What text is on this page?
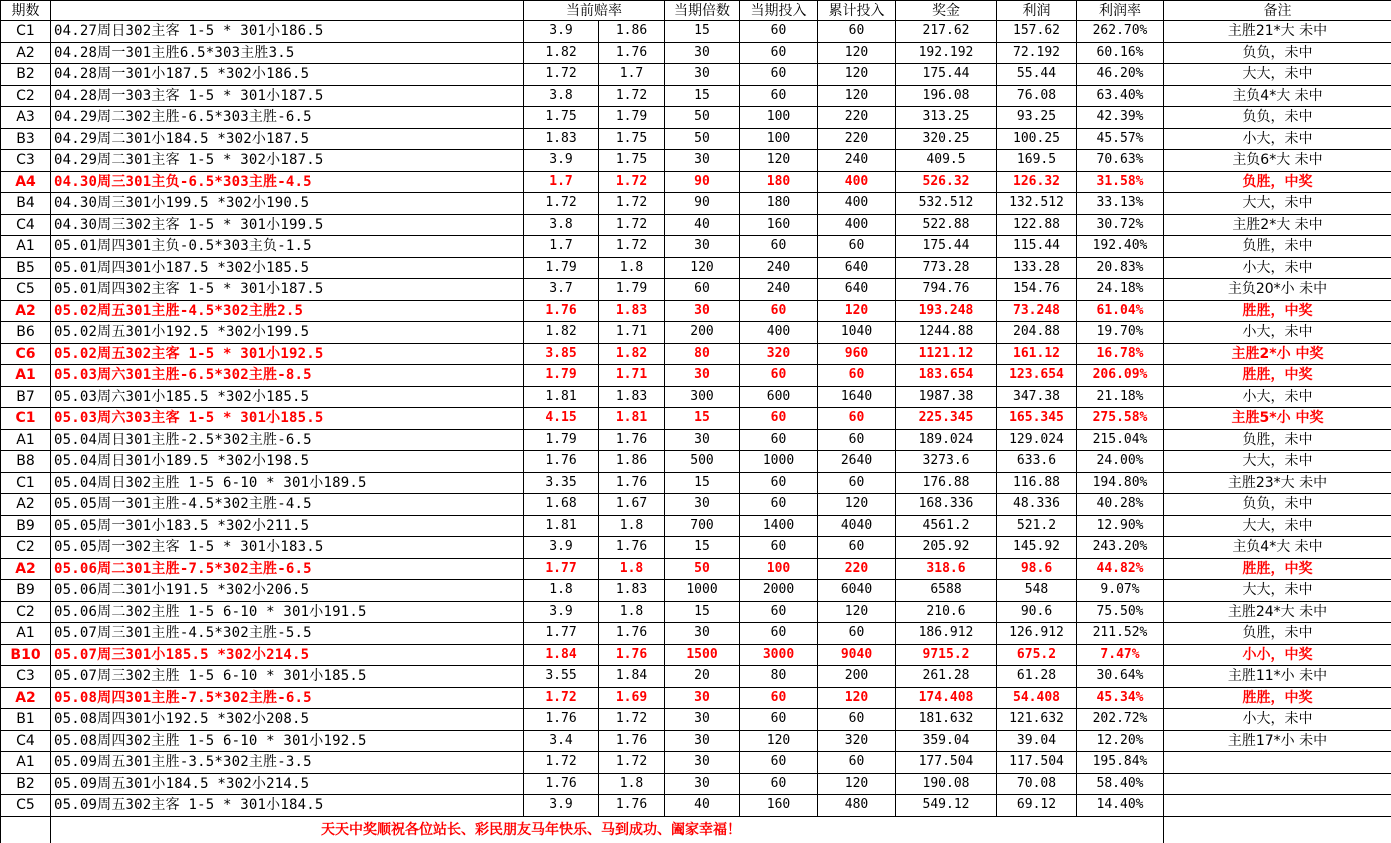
期数		当前赔率		当期倍数	当期投入	累计投入	奖金	利润	利润率	备注
C1	04.27周日302主客 1-5 * 301小186.5	3.9	1.86	15	60	60	217.62	157.62	262.70%	主胜21*大 未中
A2	04.28周一301主胜6.5*303主胜3.5	1.82	1.76	30	60	120	192.192	72.192	60.16%	负负，未中
B2	04.28周一301小187.5 *302小186.5	1.72	1.7	30	60	120	175.44	55.44	46.20%	大大，未中
C2	04.28周一303主客 1-5 * 301小187.5	3.8	1.72	15	60	120	196.08	76.08	63.40%	主负4*大 未中
A3	04.29周二302主胜-6.5*303主胜-6.5	1.75	1.79	50	100	220	313.25	93.25	42.39%	负负，未中
B3	04.29周二301小184.5 *302小187.5	1.83	1.75	50	100	220	320.25	100.25	45.57%	小大，未中
C3	04.29周二301主客 1-5 * 302小187.5	3.9	1.75	30	120	240	409.5	169.5	70.63%	主负6*大 未中
A4	04.30周三301主负-6.5*303主胜-4.5	1.7	1.72	90	180	400	526.32	126.32	31.58%	负胜，中奖
B4	04.30周三301小199.5 *302小190.5	1.72	1.72	90	180	400	532.512	132.512	33.13%	大大，未中
C4	04.30周三302主客 1-5 * 301小199.5	3.8	1.72	40	160	400	522.88	122.88	30.72%	主胜2*大 未中
A1	05.01周四301主负-0.5*303主负-1.5	1.7	1.72	30	60	60	175.44	115.44	192.40%	负胜，未中
B5	05.01周四301小187.5 *302小185.5	1.79	1.8	120	240	640	773.28	133.28	20.83%	小大，未中
C5	05.01周四302主客 1-5 * 301小187.5	3.7	1.79	60	240	640	794.76	154.76	24.18%	主负20*小 未中
A2	05.02周五301主胜-4.5*302主胜2.5	1.76	1.83	30	60	120	193.248	73.248	61.04%	胜胜，中奖
B6	05.02周五301小192.5 *302小199.5	1.82	1.71	200	400	1040	1244.88	204.88	19.70%	小大，未中
C6	05.02周五302主客 1-5 * 301小192.5	3.85	1.82	80	320	960	1121.12	161.12	16.78%	主胜2*小 中奖
A1	05.03周六301主胜-6.5*302主胜-8.5	1.79	1.71	30	60	60	183.654	123.654	206.09%	胜胜，中奖
B7	05.03周六301小185.5 *302小185.5	1.81	1.83	300	600	1640	1987.38	347.38	21.18%	小大，未中
C1	05.03周六303主客 1-5 * 301小185.5	4.15	1.81	15	60	60	225.345	165.345	275.58%	主胜5*小 中奖
A1	05.04周日301主胜-2.5*302主胜-6.5	1.79	1.76	30	60	60	189.024	129.024	215.04%	负胜，未中
B8	05.04周日301小189.5 *302小198.5	1.76	1.86	500	1000	2640	3273.6	633.6	24.00%	大大，未中
C1	05.04周日302主胜 1-5 6-10 * 301小189.5	3.35	1.76	15	60	60	176.88	116.88	194.80%	主胜23*大 未中
A2	05.05周一301主胜-4.5*302主胜-4.5	1.68	1.67	30	60	120	168.336	48.336	40.28%	负负，未中
B9	05.05周一301小183.5 *302小211.5	1.81	1.8	700	1400	4040	4561.2	521.2	12.90%	大大，未中
C2	05.05周一302主客 1-5 * 301小183.5	3.9	1.76	15	60	60	205.92	145.92	243.20%	主负4*大 未中
A2	05.06周二301主胜-7.5*302主胜-6.5	1.77	1.8	50	100	220	318.6	98.6	44.82%	胜胜，中奖
B9	05.06周二301小191.5 *302小206.5	1.8	1.83	1000	2000	6040	6588	548	9.07%	大大，未中
C2	05.06周二302主胜 1-5 6-10 * 301小191.5	3.9	1.8	15	60	120	210.6	90.6	75.50%	主胜24*大 未中
A1	05.07周三301主胜-4.5*302主胜-5.5	1.77	1.76	30	60	60	186.912	126.912	211.52%	负胜，未中
B10	05.07周三301小185.5 *302小214.5	1.84	1.76	1500	3000	9040	9715.2	675.2	7.47%	小小，中奖
C3	05.07周三302主胜 1-5 6-10 * 301小185.5	3.55	1.84	20	80	200	261.28	61.28	30.64%	主胜11*小 未中
A2	05.08周四301主胜-7.5*302主胜-6.5	1.72	1.69	30	60	120	174.408	54.408	45.34%	胜胜，中奖
B1	05.08周四301小192.5 *302小208.5	1.76	1.72	30	60	60	181.632	121.632	202.72%	小大，未中
C4	05.08周四302主胜 1-5 6-10 * 301小192.5	3.4	1.76	30	120	320	359.04	39.04	12.20%	主胜17*小 未中
A1	05.09周五301主胜-3.5*302主胜-3.5	1.72	1.72	30	60	60	177.504	117.504	195.84%	
B2	05.09周五301小184.5 *302小214.5	1.76	1.8	30	60	120	190.08	70.08	58.40%	
C5	05.09周五302主客 1-5 * 301小184.5	3.9	1.76	40	160	480	549.12	69.12	14.40%	
	天天中奖顺祝各位站长、彩民朋友马年快乐、马到成功、阖家幸福！									
